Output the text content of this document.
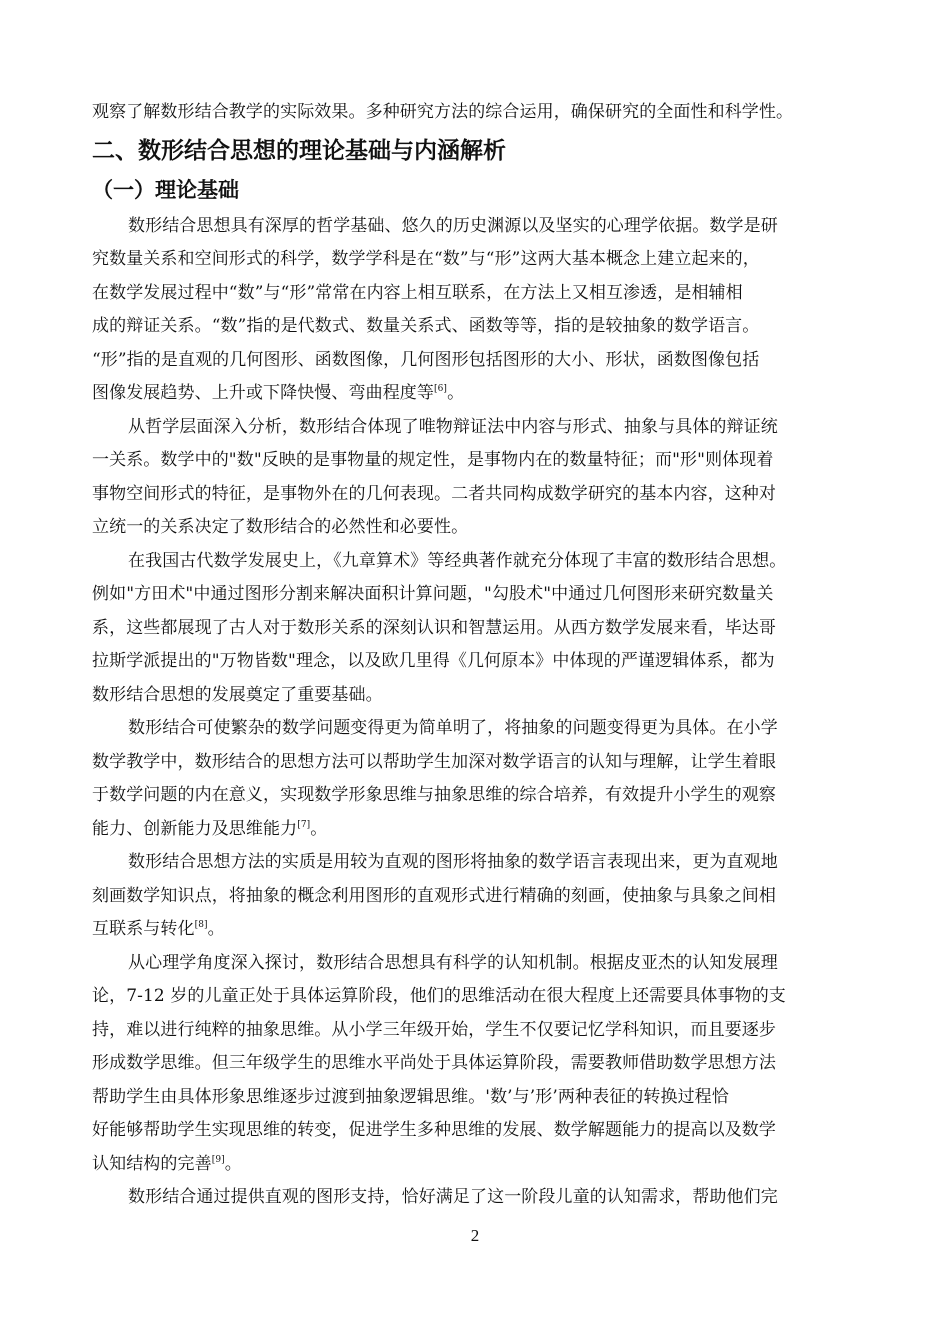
观察了解数形结合教学的实际效果。多种研究方法的综合运用，确保研究的全面性和科学性。
二、数形结合思想的理论基础与内涵解析
（一）理论基础
数形结合思想具有深厚的哲学基础、悠久的历史渊源以及坚实的心理学依据。数学是研
究数量关系和空间形式的科学，数学学科是在“数”与“形”这两大基本概念上建立起来的，
在数学发展过程中“数”与“形”常常在内容上相互联系，在方法上又相互渗透，是相辅相
成的辩证关系。“数”指的是代数式、数量关系式、函数等等，指的是较抽象的数学语言。
“形”指的是直观的几何图形、函数图像，几何图形包括图形的大小、形状，函数图像包括
图像发展趋势、上升或下降快慢、弯曲程度等[6]。
从哲学层面深入分析，数形结合体现了唯物辩证法中内容与形式、抽象与具体的辩证统
一关系。数学中的"数"反映的是事物量的规定性，是事物内在的数量特征；而"形"则体现着
事物空间形式的特征，是事物外在的几何表现。二者共同构成数学研究的基本内容，这种对
立统一的关系决定了数形结合的必然性和必要性。
在我国古代数学发展史上，《九章算术》等经典著作就充分体现了丰富的数形结合思想。
例如"方田术"中通过图形分割来解决面积计算问题，"勾股术"中通过几何图形来研究数量关
系，这些都展现了古人对于数形关系的深刻认识和智慧运用。从西方数学发展来看，毕达哥
拉斯学派提出的"万物皆数"理念，以及欧几里得《几何原本》中体现的严谨逻辑体系，都为
数形结合思想的发展奠定了重要基础。
数形结合可使繁杂的数学问题变得更为简单明了，将抽象的问题变得更为具体。在小学
数学教学中，数形结合的思想方法可以帮助学生加深对数学语言的认知与理解，让学生着眼
于数学问题的内在意义，实现数学形象思维与抽象思维的综合培养，有效提升小学生的观察
能力、创新能力及思维能力[7]。
数形结合思想方法的实质是用较为直观的图形将抽象的数学语言表现出来，更为直观地
刻画数学知识点，将抽象的概念利用图形的直观形式进行精确的刻画，使抽象与具象之间相
互联系与转化[8]。
从心理学角度深入探讨，数形结合思想具有科学的认知机制。根据皮亚杰的认知发展理
论，7-12 岁的儿童正处于具体运算阶段，他们的思维活动在很大程度上还需要具体事物的支
持，难以进行纯粹的抽象思维。从小学三年级开始，学生不仅要记忆学科知识，而且要逐步
形成数学思维。但三年级学生的思维水平尚处于具体运算阶段，需要教师借助数学思想方法
帮助学生由具体形象思维逐步过渡到抽象逻辑思维。'数’与’形’两种表征的转换过程恰
好能够帮助学生实现思维的转变，促进学生多种思维的发展、数学解题能力的提高以及数学
认知结构的完善[9]。
数形结合通过提供直观的图形支持，恰好满足了这一阶段儿童的认知需求，帮助他们完
2
